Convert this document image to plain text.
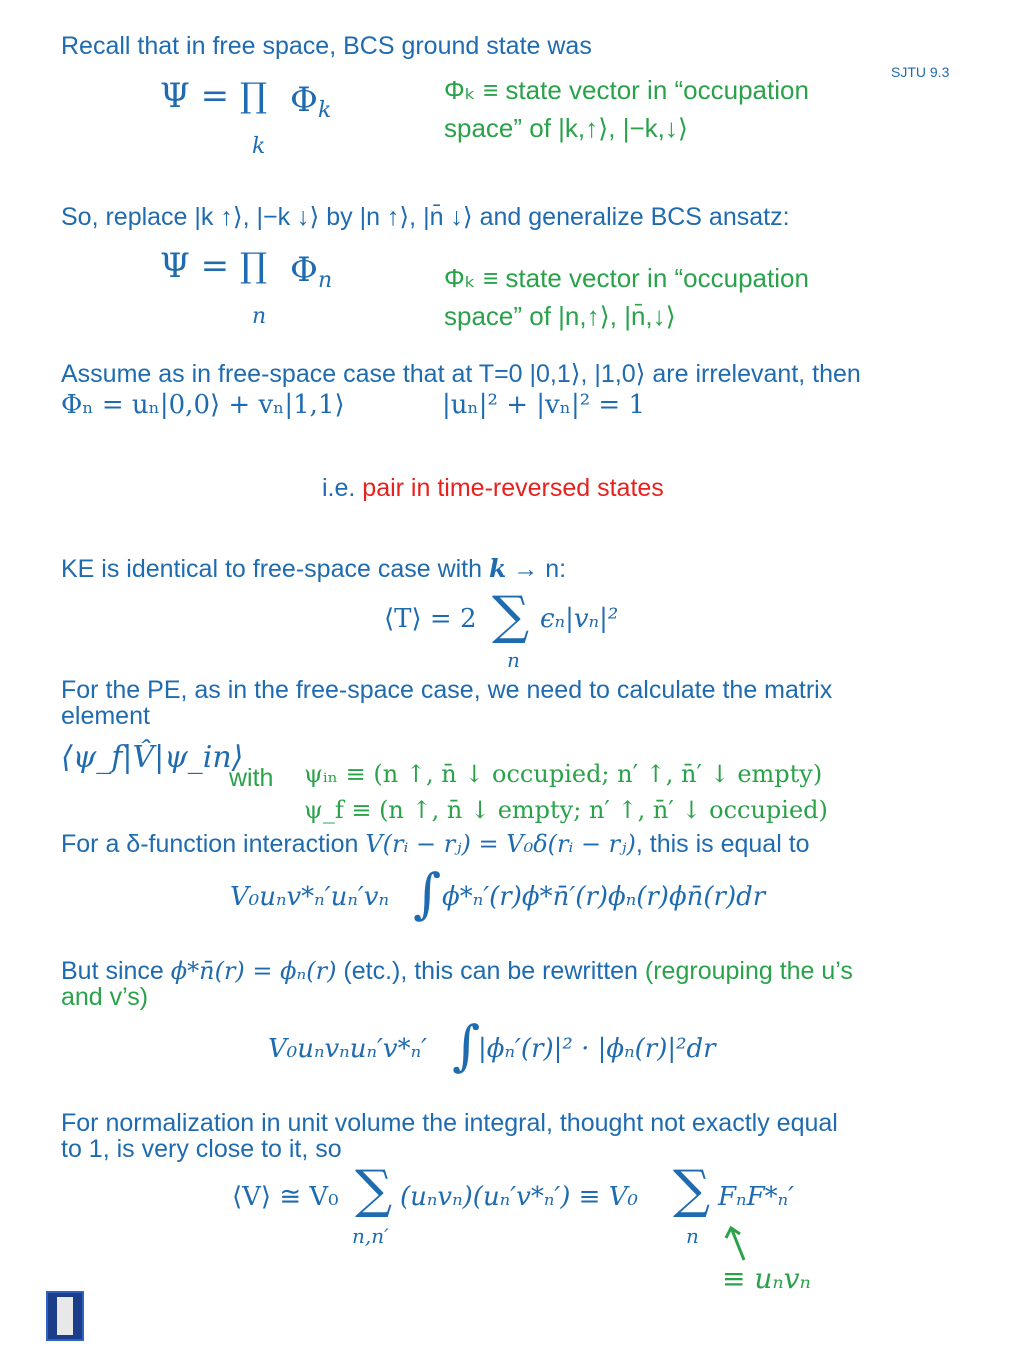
SJTU 9.3
Recall that in free space, BCS ground state was
Ψ = ∏
k
Φ k
Φₖ ≡ state vector in “occupation
space” of |k,↑⟩, |−k,↓⟩
So, replace |k ↑⟩, |−k ↓⟩ by |n ↑⟩, |n̄ ↓⟩ and generalize BCS ansatz:
Ψ = ∏
n
Φ n	Φₖ ≡ state vector in “occupation
space” of |n,↑⟩, |n̄,↓⟩
Assume as in free-space case that at T=0 |0,1⟩, |1,0⟩ are irrelevant, then
Φₙ = uₙ|0,0⟩ + vₙ|1,1⟩	|uₙ|² + |vₙ|² = 1
i.e. pair in time-reversed states
KE is identical to free-space case with k → n:
⟨T⟩ = 2 ∑
n
ϵₙ|vₙ|²
For the PE, as in the free-space case, we need to calculate the matrix
element
⟨ψ_f|V̂|ψ_in⟩
with ψᵢₙ ≡ (n ↑, n̄ ↓ occupied; n′ ↑, n̄′ ↓ empty)
ψ_f ≡ (n ↑, n̄ ↓ empty; n′ ↑, n̄′ ↓ occupied)
For a δ-function interaction V(rᵢ − rⱼ) = V₀δ(rᵢ − rⱼ), this is equal to
V₀uₙv*ₙ′uₙ′vₙ ∫ ϕ*ₙ′(r)ϕ*n̄′(r)ϕₙ(r)ϕn̄(r)dr
But since ϕ*n̄(r) = ϕₙ(r) (etc.), this can be rewritten (regrouping the u’s
and v’s)
V₀uₙvₙuₙ′v*ₙ′ ∫
|ϕₙ′(r)|² · |ϕₙ(r)|²dr
For normalization in unit volume the integral, thought not exactly equal
to 1, is very close to it, so
⟨V⟩ ≅ V₀ ∑
n,n′
(uₙvₙ)(uₙ′v*ₙ′) ≡ V₀ ∑
n
FₙF*ₙ′
≡ uₙvₙ
